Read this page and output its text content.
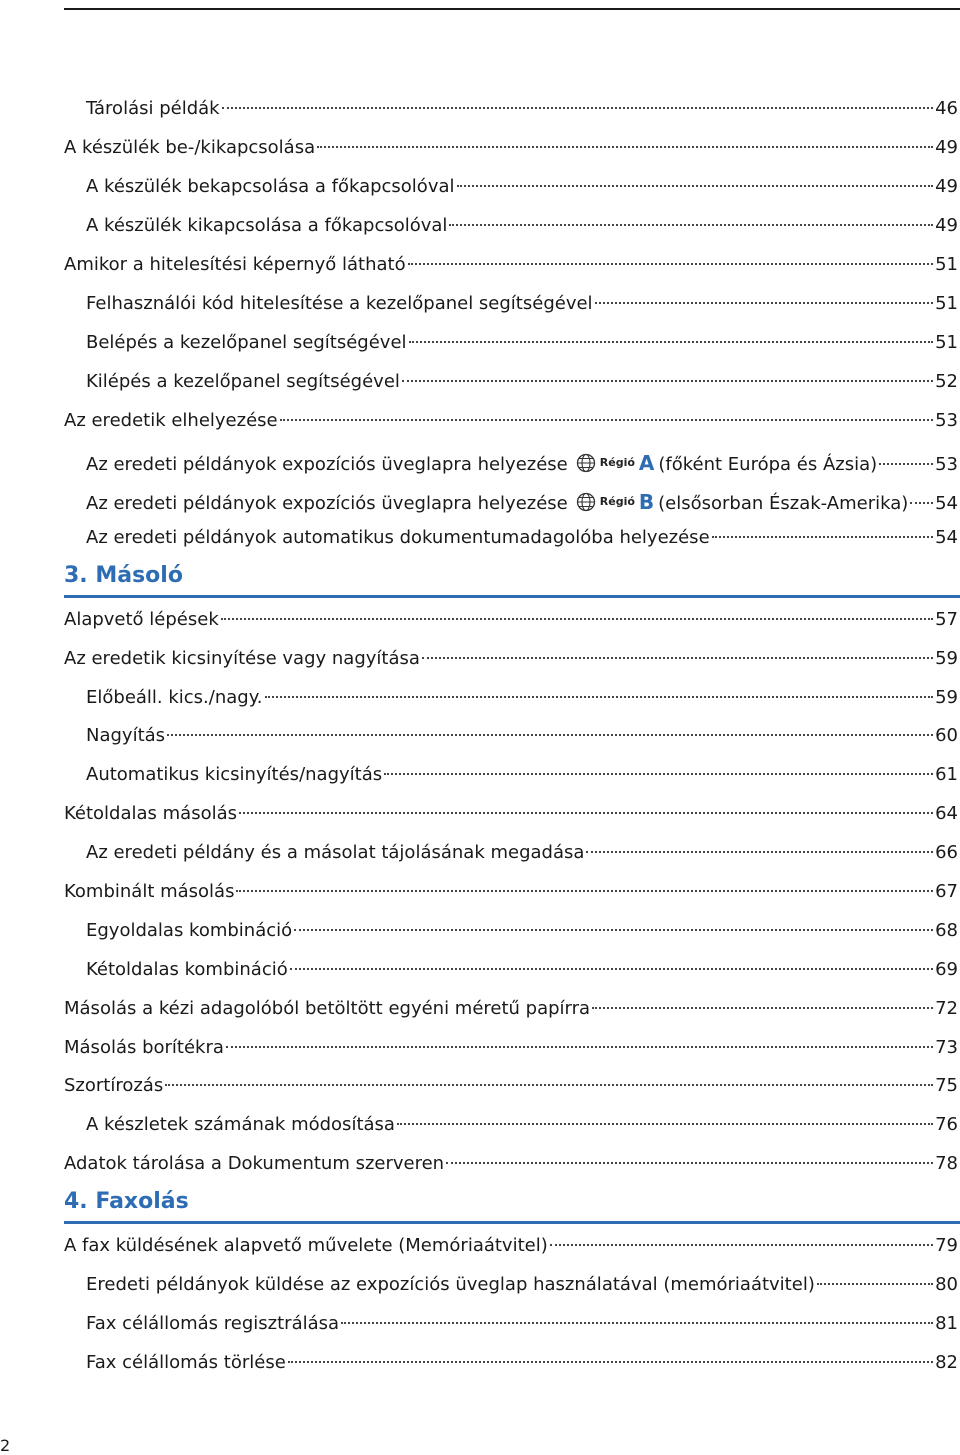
Tárolási példák	46
A készülék be-/kikapcsolása	49
A készülék bekapcsolása a főkapcsolóval	49
A készülék kikapcsolása a főkapcsolóval	49
Amikor a hitelesítési képernyő látható	51
Felhasználói kód hitelesítése a kezelőpanel segítségével	51
Belépés a kezelőpanel segítségével	51
Kilépés a kezelőpanel segítségével	52
Az eredetik elhelyezése	53
Az eredeti példányok expozíciós üveglapra helyezése	Régió A (főként Európa és Ázsia)	53
Az eredeti példányok expozíciós üveglapra helyezése	Régió B (elsősorban Észak-Amerika) 54
Az eredeti példányok automatikus dokumentumadagolóba helyezése	54
3. Másoló
Alapvető lépések	57
Az eredetik kicsinyítése vagy nagyítása	59
Előbeáll. kics./nagy.	59
Nagyítás	60
Automatikus kicsinyítés/nagyítás	61
Kétoldalas másolás	64
Az eredeti példány és a másolat tájolásának megadása	66
Kombinált másolás	67
Egyoldalas kombináció	68
Kétoldalas kombináció	69
Másolás a kézi adagolóból betöltött egyéni méretű papírra	72
Másolás borítékra	73
Szortírozás	75
A készletek számának módosítása	76
Adatok tárolása a Dokumentum szerveren	78
4. Faxolás
A fax küldésének alapvető művelete (Memóriaátvitel)	79
Eredeti példányok küldése az expozíciós üveglap használatával (memóriaátvitel)	80
Fax célállomás regisztrálása	81
Fax célállomás törlése	82
2
